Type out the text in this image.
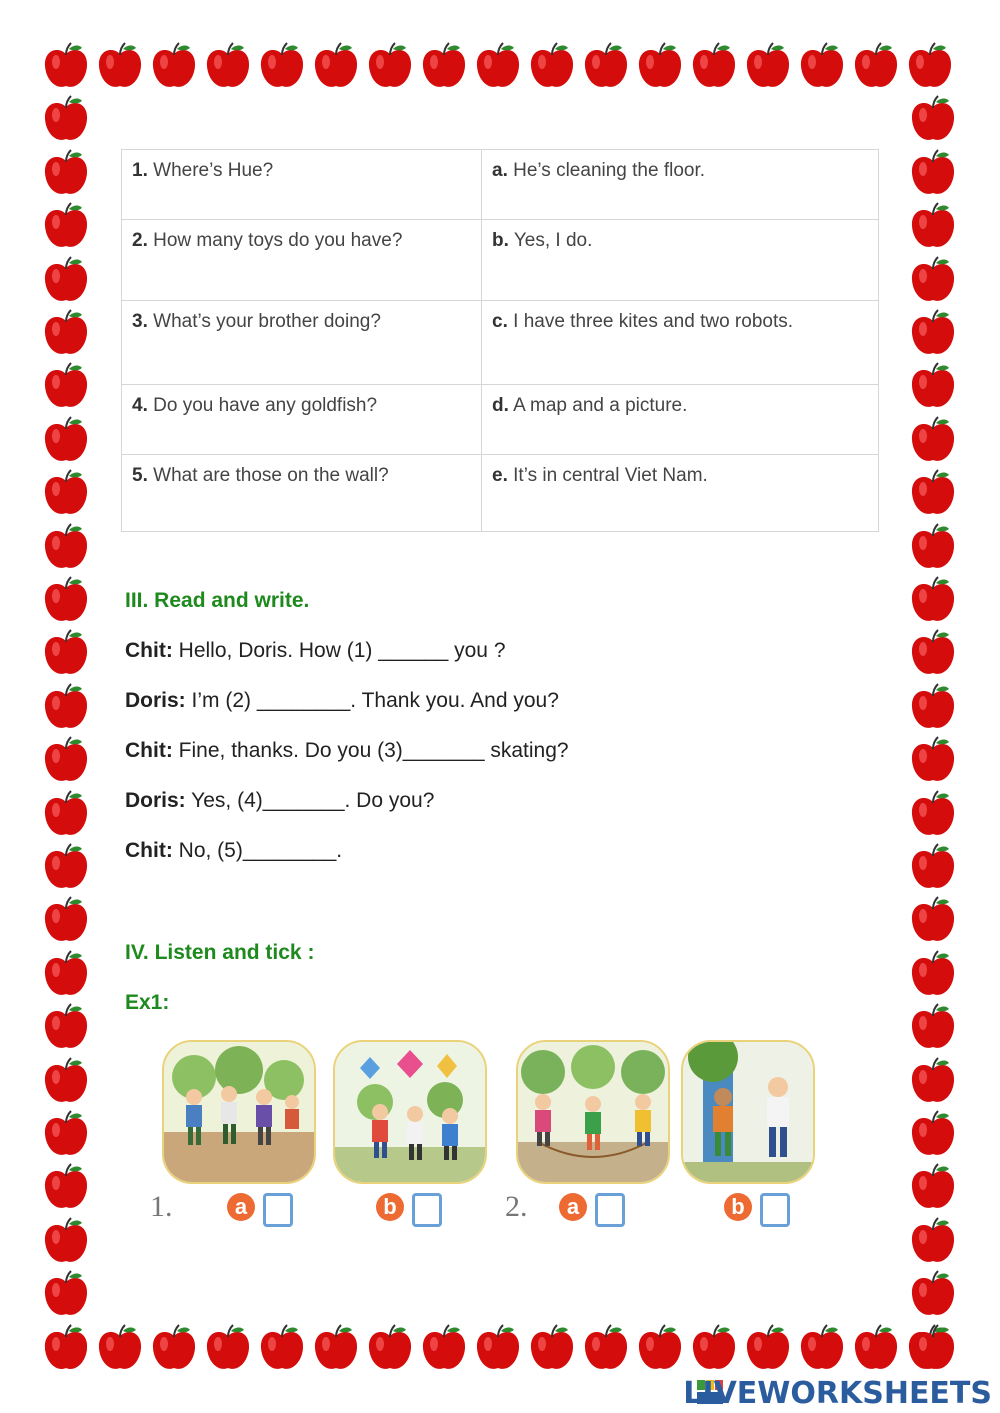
1. Where’s Hue?	a. He’s cleaning the floor.
2. How many toys do you have?	b. Yes, I do.
3. What’s your brother doing?	c. I have three kites and two robots.
4. Do you have any goldfish?	d. A map and a picture.
5. What are those on the wall?	e. It’s in central Viet Nam.
III. Read and write.
Chit: Hello, Doris. How (1) ______ you ?
Doris: I’m (2) ________. Thank you. And you?
Chit: Fine, thanks. Do you (3)_______ skating?
Doris: Yes, (4)_______. Do you?
Chit: No, (5)________.
IV. Listen and tick :
Ex1:
1.	a	b	2.	a	b
LIVEWORKSHEETS
